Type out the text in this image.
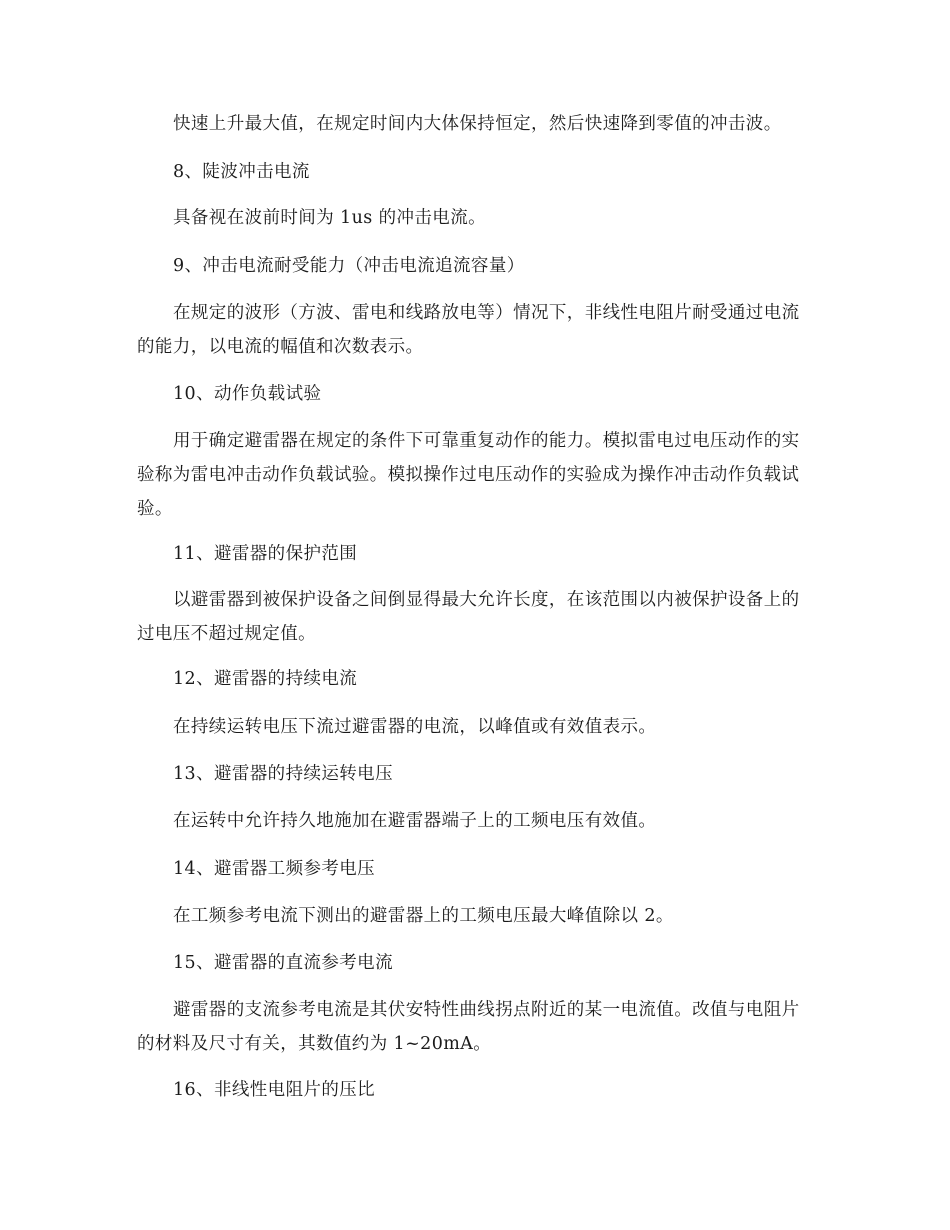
快速上升最大值，在规定时间内大体保持恒定，然后快速降到零值的冲击波。

8、陡波冲击电流

具备视在波前时间为 1us 的冲击电流。

9、冲击电流耐受能力（冲击电流追流容量）

在规定的波形（方波、雷电和线路放电等）情况下，非线性电阻片耐受通过电流的能力，以电流的幅值和次数表示。

10、动作负载试验

用于确定避雷器在规定的条件下可靠重复动作的能力。模拟雷电过电压动作的实验称为雷电冲击动作负载试验。模拟操作过电压动作的实验成为操作冲击动作负载试验。

11、避雷器的保护范围

以避雷器到被保护设备之间倒显得最大允许长度，在该范围以内被保护设备上的过电压不超过规定值。

12、避雷器的持续电流

在持续运转电压下流过避雷器的电流，以峰值或有效值表示。

13、避雷器的持续运转电压

在运转中允许持久地施加在避雷器端子上的工频电压有效值。

14、避雷器工频参考电压

在工频参考电流下测出的避雷器上的工频电压最大峰值除以 2。

15、避雷器的直流参考电流

避雷器的支流参考电流是其伏安特性曲线拐点附近的某一电流值。改值与电阻片的材料及尺寸有关，其数值约为 1~20mA。

16、非线性电阻片的压比
